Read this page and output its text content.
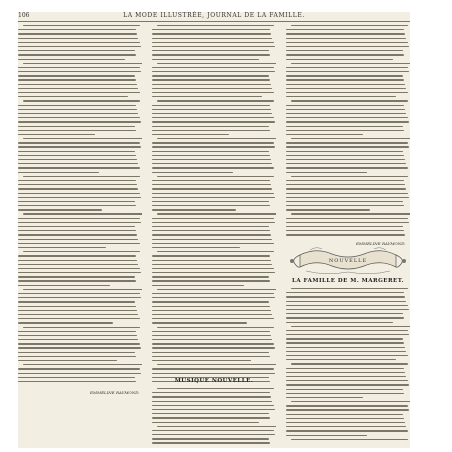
106	LA MODE ILLUSTRÉE, JOURNAL DE LA FAMILLE.
EMMELINE RAYMOND.
MUSIQUE NOUVELLE.
EMMELINE RAYMOND.
LA FAMILLE DE M. MARGERET.
NOUVELLE
